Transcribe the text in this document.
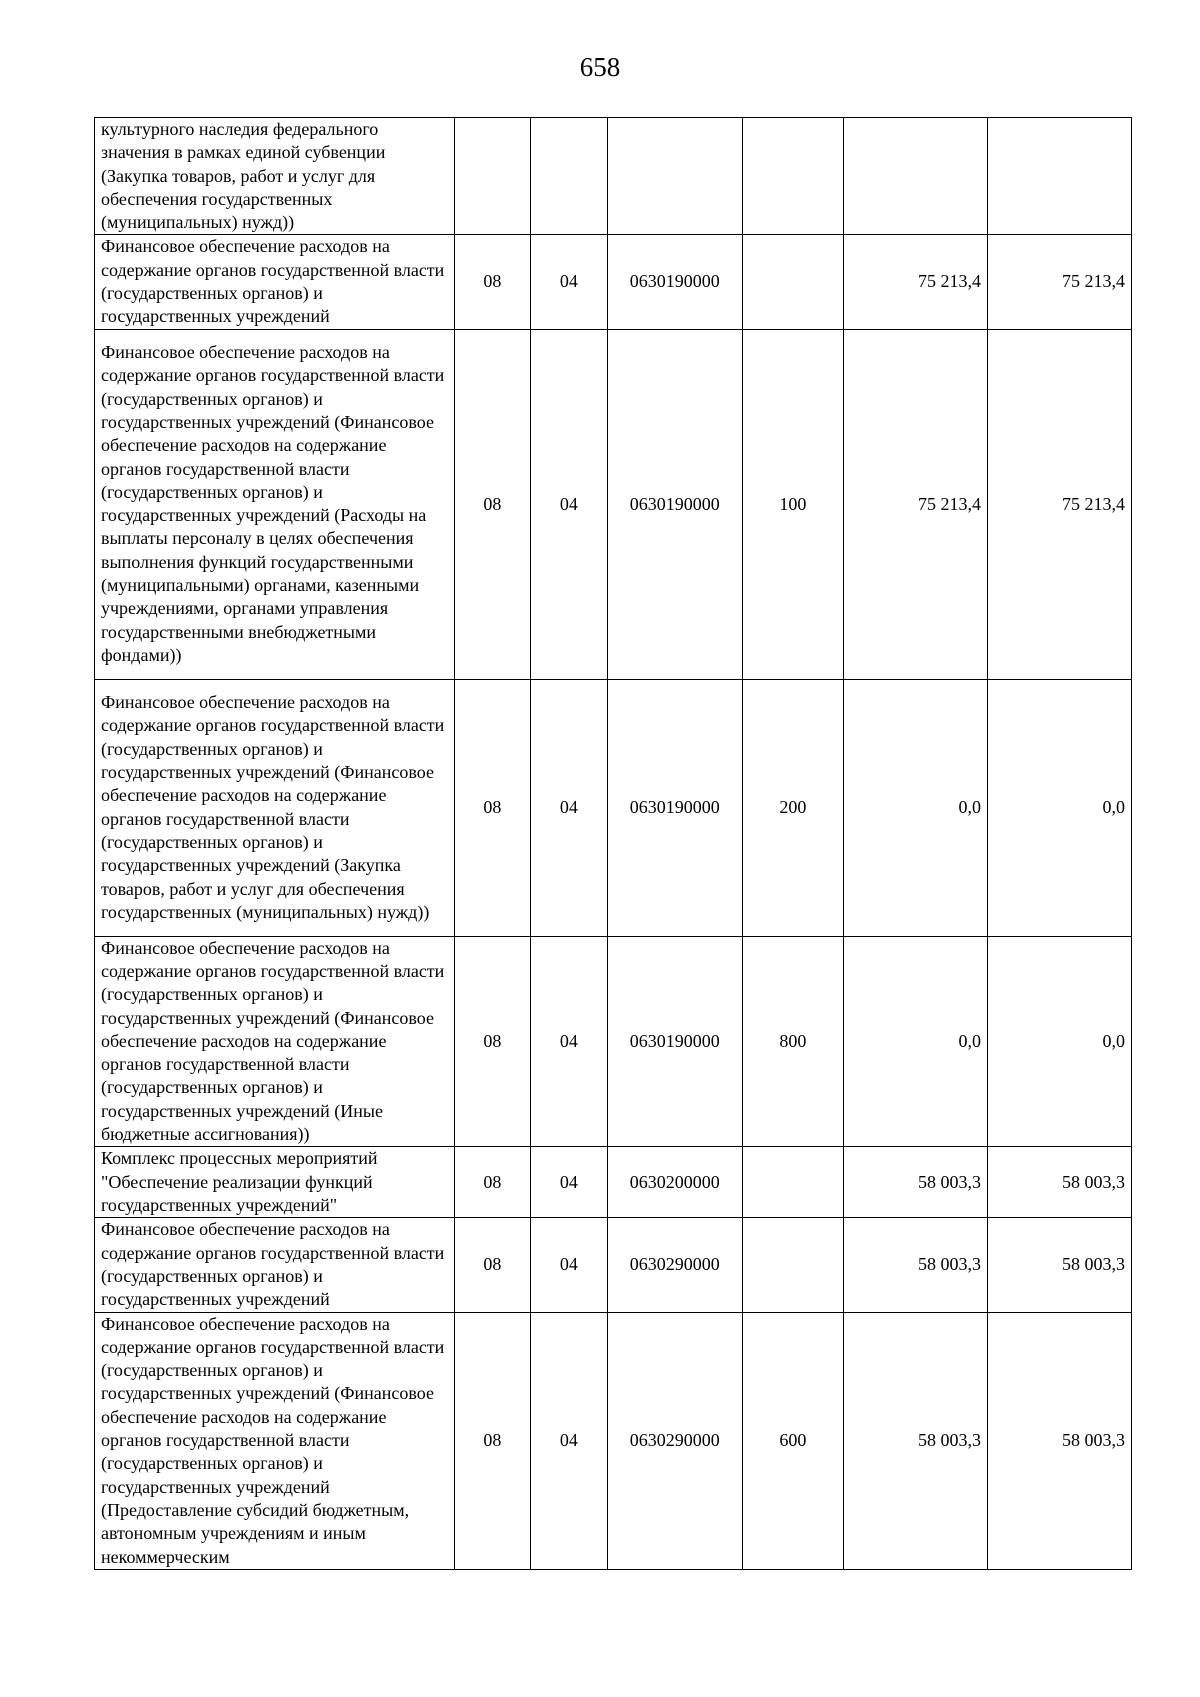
658
культурного наследия федерального значения в рамках единой субвенции (Закупка товаров, работ и услуг для обеспечения государственных (муниципальных) нужд))						
Финансовое обеспечение расходов на содержание органов государственной власти (государственных органов) и государственных учреждений	08	04	0630190000		75 213,4	75 213,4
Финансовое обеспечение расходов на содержание органов государственной власти (государственных органов) и государственных учреждений (Финансовое обеспечение расходов на содержание органов государственной власти (государственных органов) и государственных учреждений (Расходы на выплаты персоналу в целях обеспечения выполнения функций государственными (муниципальными) органами, казенными учреждениями, органами управления государственными внебюджетными фондами))	08	04	0630190000	100	75 213,4	75 213,4
Финансовое обеспечение расходов на содержание органов государственной власти (государственных органов) и государственных учреждений (Финансовое обеспечение расходов на содержание органов государственной власти (государственных органов) и государственных учреждений (Закупка товаров, работ и услуг для обеспечения государственных (муниципальных) нужд))	08	04	0630190000	200	0,0	0,0
Финансовое обеспечение расходов на содержание органов государственной власти (государственных органов) и государственных учреждений (Финансовое обеспечение расходов на содержание органов государственной власти (государственных органов) и государственных учреждений (Иные бюджетные ассигнования))	08	04	0630190000	800	0,0	0,0
Комплекс процессных мероприятий "Обеспечение реализации функций государственных учреждений"	08	04	0630200000		58 003,3	58 003,3
Финансовое обеспечение расходов на содержание органов государственной власти (государственных органов) и государственных учреждений	08	04	0630290000		58 003,3	58 003,3
Финансовое обеспечение расходов на содержание органов государственной власти (государственных органов) и государственных учреждений (Финансовое обеспечение расходов на содержание органов государственной власти (государственных органов) и государственных учреждений (Предоставление субсидий бюджетным, автономным учреждениям и иным некоммерческим	08	04	0630290000	600	58 003,3	58 003,3
